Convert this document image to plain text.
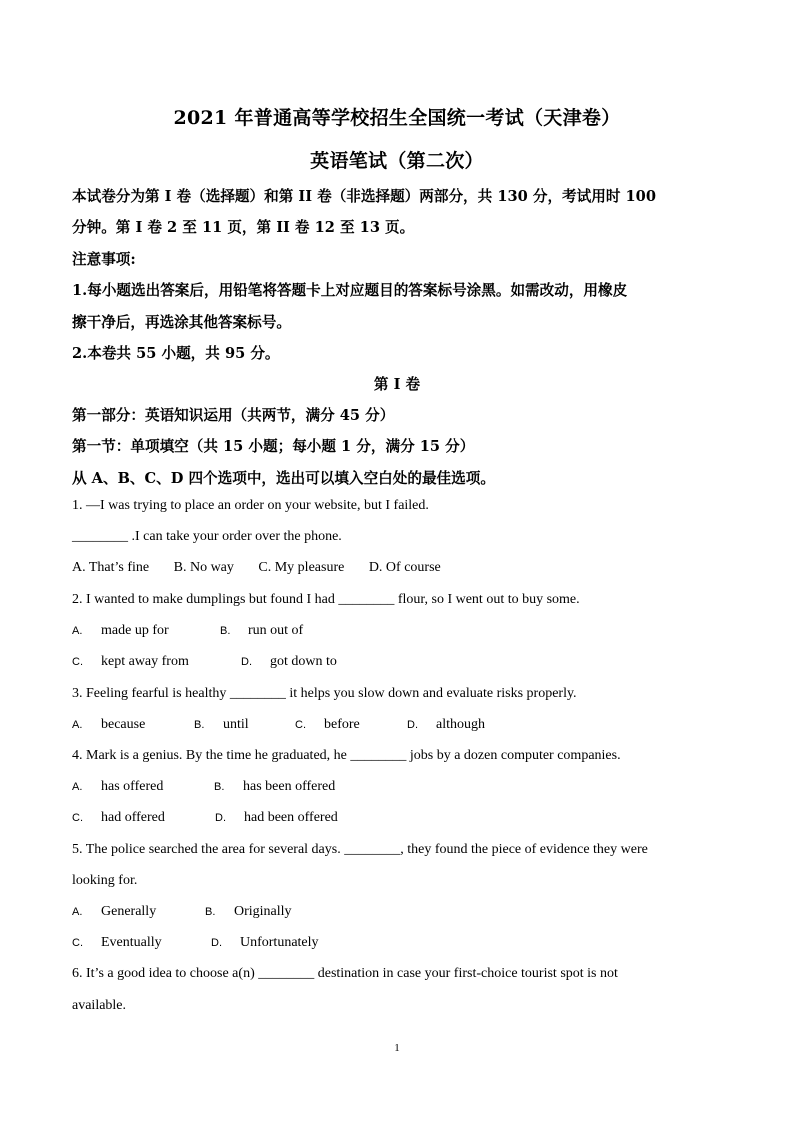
2021 年普通高等学校招生全国统一考试（天津卷）
英语笔试（第二次）
本试卷分为第 I 卷（选择题）和第 II 卷（非选择题）两部分，共 130 分，考试用时 100
分钟。第 I 卷 2 至 11 页，第 II 卷 12 至 13 页。
注意事项:
1.每小题选出答案后，用铅笔将答题卡上对应题目的答案标号涂黑。如需改动，用橡皮
擦干净后，再选涂其他答案标号。
2.本卷共 55 小题，共 95 分。
第 I 卷
第一部分：英语知识运用（共两节，满分 45 分）
第一节：单项填空（共 15 小题；每小题 1 分，满分 15 分）
从 A、B、C、D 四个选项中，选出可以填入空白处的最佳选项。
1. —I was trying to place an order on your website, but I failed.
________ .I can take your order over the phone.
A. That’s fine       B. No way       C. My pleasure       D. Of course
2. I wanted to make dumplings but found I had ________ flour, so I went out to buy some.
A. made up for	B. run out of
C. kept away from	D. got down to
3. Feeling fearful is healthy ________ it helps you slow down and evaluate risks properly.
A. because	B. until	C. before	D. although
4. Mark is a genius. By the time he graduated, he ________ jobs by a dozen computer companies.
A. has offered	B. has been offered
C. had offered	D. had been offered
5. The police searched the area for several days. ________, they found the piece of evidence they were
looking for.
A. Generally	B. Originally
C. Eventually	D. Unfortunately
6. It’s a good idea to choose a(n) ________ destination in case your first-choice tourist spot is not
available.
1
